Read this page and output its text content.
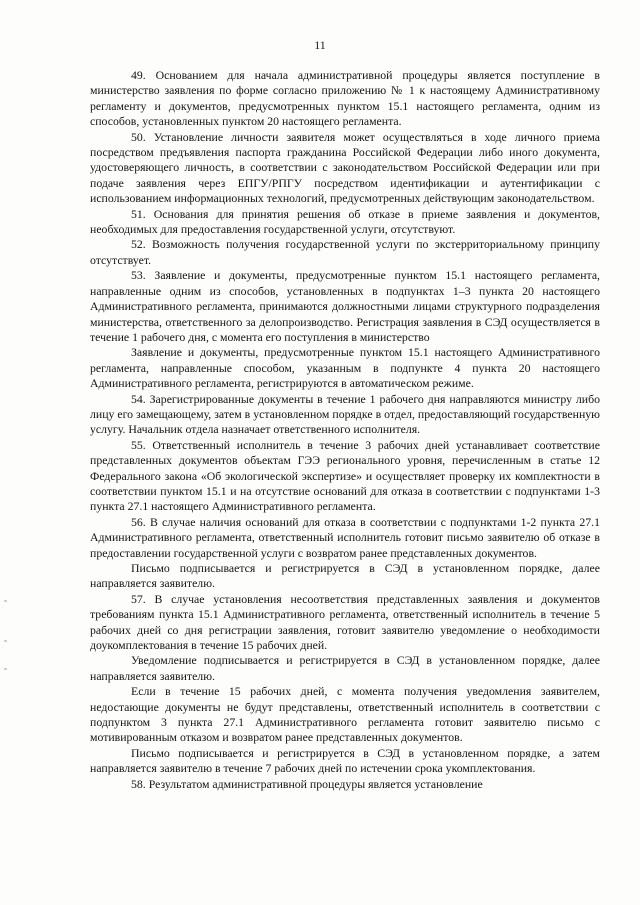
11

49. Основанием для начала административной процедуры является поступление в министерство заявления по форме согласно приложению № 1 к настоящему Административному регламенту и документов, предусмотренных пунктом 15.1 настоящего регламента, одним из способов, установленных пунктом 20 настоящего регламента.

50. Установление личности заявителя может осуществляться в ходе личного приема посредством предъявления паспорта гражданина Российской Федерации либо иного документа, удостоверяющего личность, в соответствии с законодательством Российской Федерации или при подаче заявления через ЕПГУ/РПГУ посредством идентификации и аутентификации с использованием информационных технологий, предусмотренных действующим законодательством.

51. Основания для принятия решения об отказе в приеме заявления и документов, необходимых для предоставления государственной услуги, отсутствуют.

52. Возможность получения государственной услуги по экстерриториальному принципу отсутствует.

53. Заявление и документы, предусмотренные пунктом 15.1 настоящего регламента, направленные одним из способов, установленных в подпунктах 1–3 пункта 20 настоящего Административного регламента, принимаются должностными лицами структурного подразделения министерства, ответственного за делопроизводство. Регистрация заявления в СЭД осуществляется в течение 1 рабочего дня, с момента его поступления в министерство

Заявление и документы, предусмотренные пунктом 15.1 настоящего Административного регламента, направленные способом, указанным в подпункте 4 пункта 20 настоящего Административного регламента, регистрируются в автоматическом режиме.

54. Зарегистрированные документы в течение 1 рабочего дня направляются министру либо лицу его замещающему, затем в установленном порядке в отдел, предоставляющий государственную услугу. Начальник отдела назначает ответственного исполнителя.

55. Ответственный исполнитель в течение 3 рабочих дней устанавливает соответствие представленных документов объектам ГЭЭ регионального уровня, перечисленным в статье 12 Федерального закона «Об экологической экспертизе» и осуществляет проверку их комплектности в соответствии пунктом 15.1 и на отсутствие оснований для отказа в соответствии с подпунктами 1-3 пункта 27.1 настоящего Административного регламента.

56. В случае наличия оснований для отказа в соответствии с подпунктами 1-2 пункта 27.1 Административного регламента, ответственный исполнитель готовит письмо заявителю об отказе в предоставлении государственной услуги с возвратом ранее представленных документов.

Письмо подписывается и регистрируется в СЭД в установленном порядке, далее направляется заявителю.

57. В случае установления несоответствия представленных заявления и документов требованиям пункта 15.1 Административного регламента, ответственный исполнитель в течение 5 рабочих дней со дня регистрации заявления, готовит заявителю уведомление о необходимости доукомплектования в течение 15 рабочих дней.

Уведомление подписывается и регистрируется в СЭД в установленном порядке, далее направляется заявителю.

Если в течение 15 рабочих дней, с момента получения уведомления заявителем, недостающие документы не будут представлены, ответственный исполнитель в соответствии с подпунктом 3 пункта 27.1 Административного регламента готовит заявителю письмо с мотивированным отказом и возвратом ранее представленных документов.

Письмо подписывается и регистрируется в СЭД в установленном порядке, а затем направляется заявителю в течение 7 рабочих дней по истечении срока укомплектования.

58. Результатом административной процедуры является установление
